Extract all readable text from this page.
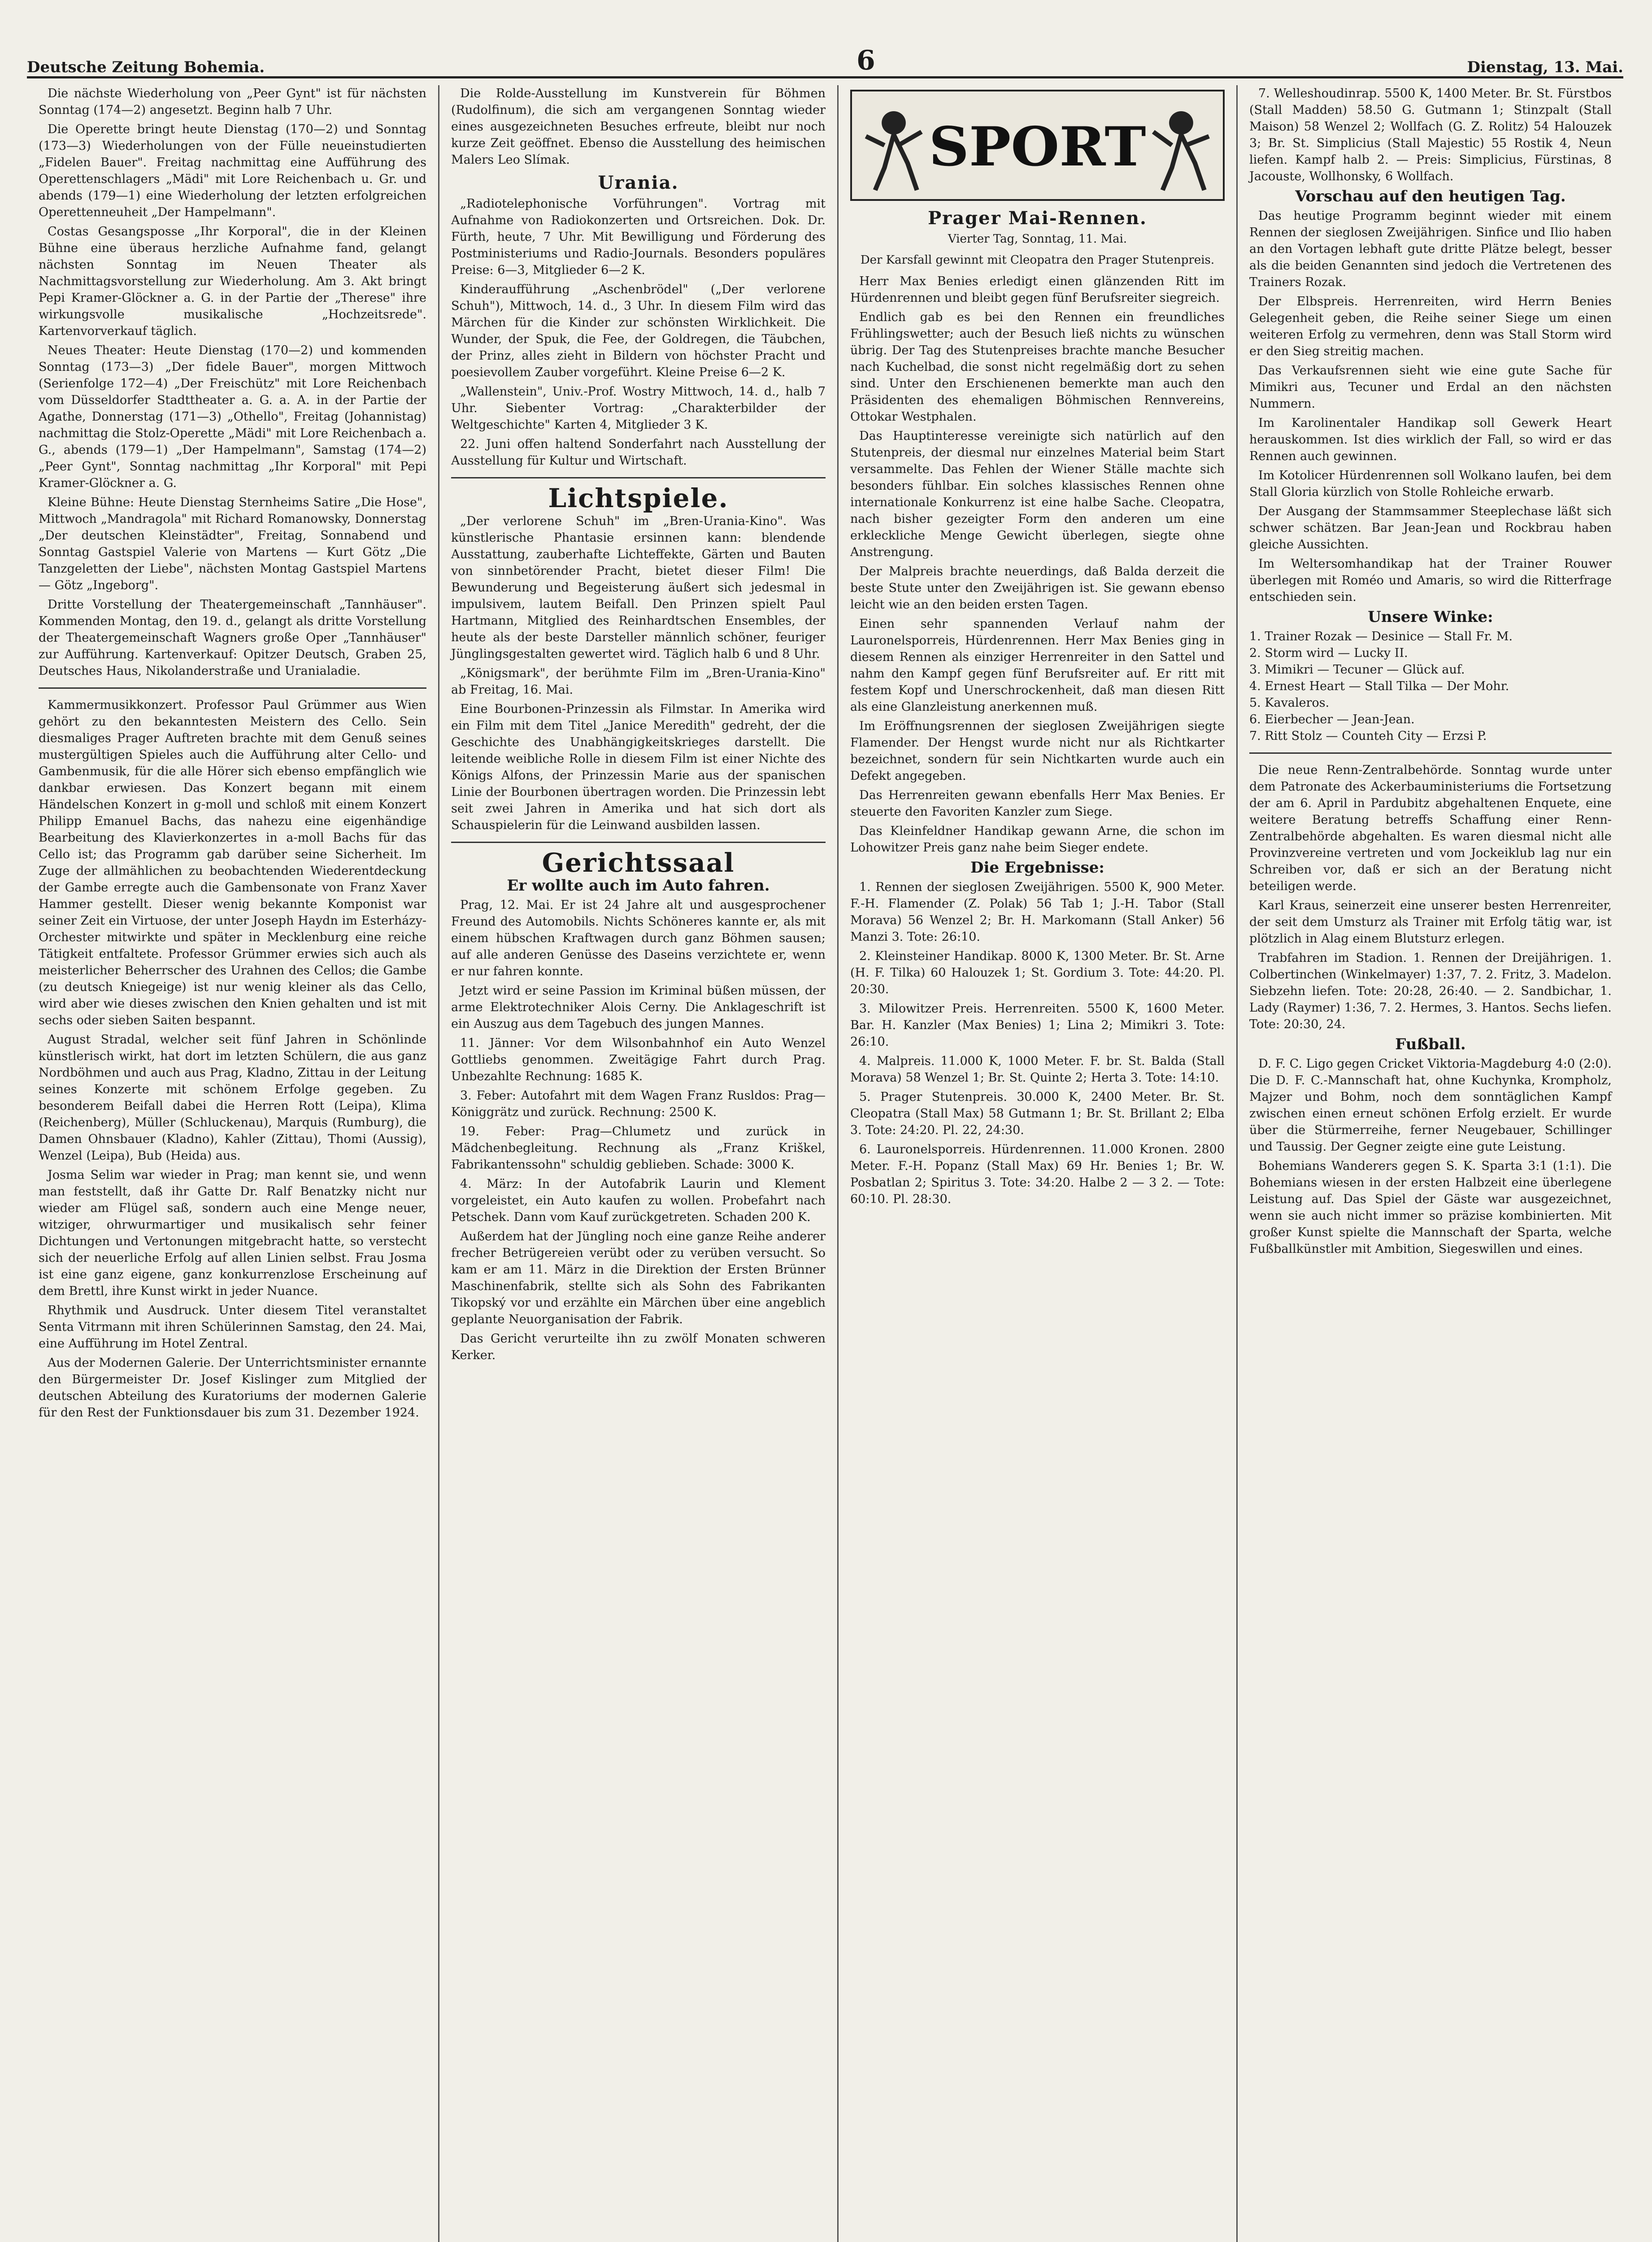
Deutsche Zeitung Bohemia.	6	Dienstag, 13. Mai.

Die nächste Wiederholung von „Peer Gynt" ist für nächsten Sonntag (174—2) angesetzt. Beginn halb 7 Uhr.

Die Operette bringt heute Dienstag (170—2) und Sonntag (173—3) Wiederholungen von der Fülle neueinstudierten „Fidelen Bauer". Freitag nachmittag eine Aufführung des Operettenschlagers „Mädi" mit Lore Reichenbach u. Gr. und abends (179—1) eine Wiederholung der letzten erfolgreichen Operettenneuheit „Der Hampelmann".

Costas Gesangsposse „Ihr Korporal", die in der Kleinen Bühne eine überaus herzliche Aufnahme fand, gelangt nächsten Sonntag im Neuen Theater als Nachmittagsvorstellung zur Wiederholung. Am 3. Akt bringt Pepi Kramer-Glöckner a. G. in der Partie der „Therese" ihre wirkungsvolle musikalische „Hochzeitsrede". Kartenvorverkauf täglich.

Neues Theater: Heute Dienstag (170—2) und kommenden Sonntag (173—3) „Der fidele Bauer", morgen Mittwoch (Serienfolge 172—4) „Der Freischütz" mit Lore Reichenbach vom Düsseldorfer Stadttheater a. G. a. A. in der Partie der Agathe, Donnerstag (171—3) „Othello", Freitag (Johannistag) nachmittag die Stolz-Operette „Mädi" mit Lore Reichenbach a. G., abends (179—1) „Der Hampelmann", Samstag (174—2) „Peer Gynt", Sonntag nachmittag „Ihr Korporal" mit Pepi Kramer-Glöckner a. G.

Kleine Bühne: Heute Dienstag Sternheims Satire „Die Hose", Mittwoch „Mandragola" mit Richard Romanowsky, Donnerstag „Der deutschen Kleinstädter", Freitag, Sonnabend und Sonntag Gastspiel Valerie von Martens — Kurt Götz „Die Tanzgeletten der Liebe", nächsten Montag Gastspiel Martens — Götz „Ingeborg".

Dritte Vorstellung der Theatergemeinschaft „Tannhäuser". Kommenden Montag, den 19. d., gelangt als dritte Vorstellung der Theatergemeinschaft Wagners große Oper „Tannhäuser" zur Aufführung. Kartenverkauf: Opitzer Deutsch, Graben 25, Deutsches Haus, Nikolanderstraße und Uranialadie.

Kammermusikkonzert. Professor Paul Grümmer aus Wien gehört zu den bekanntesten Meistern des Cello. Sein diesmaliges Prager Auftreten brachte mit dem Genuß seines mustergültigen Spieles auch die Aufführung alter Cello- und Gambenmusik, für die alle Hörer sich ebenso empfänglich wie dankbar erwiesen. Das Konzert begann mit einem Händelschen Konzert in g-moll und schloß mit einem Konzert Philipp Emanuel Bachs, das nahezu eine eigenhändige Bearbeitung des Klavierkonzertes in a-moll Bachs für das Cello ist; das Programm gab darüber seine Sicherheit. Im Zuge der allmählichen zu beobachtenden Wiederentdeckung der Gambe erregte auch die Gambensonate von Franz Xaver Hammer gestellt. Dieser wenig bekannte Komponist war seiner Zeit ein Virtuose, der unter Joseph Haydn im Esterházy-Orchester mitwirkte und später in Mecklenburg eine reiche Tätigkeit entfaltete. Professor Grümmer erwies sich auch als meisterlicher Beherrscher des Urahnen des Cellos; die Gambe (zu deutsch Kniegeige) ist nur wenig kleiner als das Cello, wird aber wie dieses zwischen den Knien gehalten und ist mit sechs oder sieben Saiten bespannt.

August Stradal, welcher seit fünf Jahren in Schönlinde künstlerisch wirkt, hat dort im letzten Schülern, die aus ganz Nordböhmen und auch aus Prag, Kladno, Zittau in der Leitung seines Konzerte mit schönem Erfolge gegeben. Zu besonderem Beifall dabei die Herren Rott (Leipa), Klima (Reichenberg), Müller (Schluckenau), Marquis (Rumburg), die Damen Ohnsbauer (Kladno), Kahler (Zittau), Thomi (Aussig), Wenzel (Leipa), Bub (Heida) aus.

Josma Selim war wieder in Prag; man kennt sie, und wenn man feststellt, daß ihr Gatte Dr. Ralf Benatzky nicht nur wieder am Flügel saß, sondern auch eine Menge neuer, witziger, ohrwurmartiger und musikalisch sehr feiner Dichtungen und Vertonungen mitgebracht hatte, so verstecht sich der neuerliche Erfolg auf allen Linien selbst. Frau Josma ist eine ganz eigene, ganz konkurrenzlose Erscheinung auf dem Brettl, ihre Kunst wirkt in jeder Nuance.

Rhythmik und Ausdruck. Unter diesem Titel veranstaltet Senta Vitrmann mit ihren Schülerinnen Samstag, den 24. Mai, eine Aufführung im Hotel Zentral.

Aus der Modernen Galerie. Der Unterrichtsminister ernannte den Bürgermeister Dr. Josef Kislinger zum Mitglied der deutschen Abteilung des Kuratoriums der modernen Galerie für den Rest der Funktionsdauer bis zum 31. Dezember 1924.

Die Rolde-Ausstellung im Kunstverein für Böhmen (Rudolfinum), die sich am vergangenen Sonntag wieder eines ausgezeichneten Besuches erfreute, bleibt nur noch kurze Zeit geöffnet. Ebenso die Ausstellung des heimischen Malers Leo Slímak.

Urania.

„Radiotelephonische Vorführungen". Vortrag mit Aufnahme von Radiokonzerten und Ortsreichen. Dok. Dr. Fürth, heute, 7 Uhr. Mit Bewilligung und Förderung des Postministeriums und Radio-Journals. Besonders populäres Preise: 6—3, Mitglieder 6—2 K.

Kinderaufführung „Aschenbrödel" („Der verlorene Schuh"), Mittwoch, 14. d., 3 Uhr. In diesem Film wird das Märchen für die Kinder zur schönsten Wirklichkeit. Die Wunder, der Spuk, die Fee, der Goldregen, die Täubchen, der Prinz, alles zieht in Bildern von höchster Pracht und poesievollem Zauber vorgeführt. Kleine Preise 6—2 K.

„Wallenstein", Univ.-Prof. Wostry Mittwoch, 14. d., halb 7 Uhr. Siebenter Vortrag: „Charakterbilder der Weltgeschichte" Karten 4, Mitglieder 3 K.

22. Juni offen haltend Sonderfahrt nach Ausstellung der Ausstellung für Kultur und Wirtschaft.

Lichtspiele.

„Der verlorene Schuh" im „Bren-Urania-Kino". Was künstlerische Phantasie ersinnen kann: blendende Ausstattung, zauberhafte Lichteffekte, Gärten und Bauten von sinnbetörender Pracht, bietet dieser Film! Die Bewunderung und Begeisterung äußert sich jedesmal in impulsivem, lautem Beifall. Den Prinzen spielt Paul Hartmann, Mitglied des Reinhardtschen Ensembles, der heute als der beste Darsteller männlich schöner, feuriger Jünglingsgestalten gewertet wird. Täglich halb 6 und 8 Uhr.

„Königsmark", der berühmte Film im „Bren-Urania-Kino" ab Freitag, 16. Mai.

Eine Bourbonen-Prinzessin als Filmstar. In Amerika wird ein Film mit dem Titel „Janice Meredith" gedreht, der die Geschichte des Unabhängigkeitskrieges darstellt. Die leitende weibliche Rolle in diesem Film ist einer Nichte des Königs Alfons, der Prinzessin Marie aus der spanischen Linie der Bourbonen übertragen worden. Die Prinzessin lebt seit zwei Jahren in Amerika und hat sich dort als Schauspielerin für die Leinwand ausbilden lassen.

Gerichtssaal
Er wollte auch im Auto fahren.

Prag, 12. Mai. Er ist 24 Jahre alt und ausgesprochener Freund des Automobils. Nichts Schöneres kannte er, als mit einem hübschen Kraftwagen durch ganz Böhmen sausen; auf alle anderen Genüsse des Daseins verzichtete er, wenn er nur fahren konnte.

Jetzt wird er seine Passion im Kriminal büßen müssen, der arme Elektrotechniker Alois Cerny. Die Anklageschrift ist ein Auszug aus dem Tagebuch des jungen Mannes.

11. Jänner: Vor dem Wilsonbahnhof ein Auto Wenzel Gottliebs genommen. Zweitägige Fahrt durch Prag. Unbezahlte Rechnung: 1685 K.

3. Feber: Autofahrt mit dem Wagen Franz Rusldos: Prag—Königgrätz und zurück. Rechnung: 2500 K.

19. Feber: Prag—Chlumetz und zurück in Mädchenbegleitung. Rechnung als „Franz Kriškel, Fabrikantenssohn" schuldig geblieben. Schade: 3000 K.

4. März: In der Autofabrik Laurin und Klement vorgeleistet, ein Auto kaufen zu wollen. Probefahrt nach Petschek. Dann vom Kauf zurückgetreten. Schaden 200 K.

Außerdem hat der Jüngling noch eine ganze Reihe anderer frecher Betrügereien verübt oder zu verüben versucht. So kam er am 11. März in die Direktion der Ersten Brünner Maschinenfabrik, stellte sich als Sohn des Fabrikanten Tikopský vor und erzählte ein Märchen über eine angeblich geplante Neuorganisation der Fabrik.

Das Gericht verurteilte ihn zu zwölf Monaten schweren Kerker.

SPORT
Prager Mai-Rennen.
Vierter Tag, Sonntag, 11. Mai.
Der Karsfall gewinnt mit Cleopatra den Prager Stutenpreis.

Herr Max Benies erledigt einen glänzenden Ritt im Hürdenrennen und bleibt gegen fünf Berufsreiter siegreich.

Endlich gab es bei den Rennen ein freundliches Frühlingswetter; auch der Besuch ließ nichts zu wünschen übrig. Der Tag des Stutenpreises brachte manche Besucher nach Kuchelbad, die sonst nicht regelmäßig dort zu sehen sind. Unter den Erschienenen bemerkte man auch den Präsidenten des ehemaligen Böhmischen Rennvereins, Ottokar Westphalen.

Das Hauptinteresse vereinigte sich natürlich auf den Stutenpreis, der diesmal nur einzelnes Material beim Start versammelte. Das Fehlen der Wiener Ställe machte sich besonders fühlbar. Ein solches klassisches Rennen ohne internationale Konkurrenz ist eine halbe Sache. Cleopatra, nach bisher gezeigter Form den anderen um eine erkleckliche Menge Gewicht überlegen, siegte ohne Anstrengung.

Der Malpreis brachte neuerdings, daß Balda derzeit die beste Stute unter den Zweijährigen ist. Sie gewann ebenso leicht wie an den beiden ersten Tagen.

Einen sehr spannenden Verlauf nahm der Lauronelsporreis, Hürdenrennen. Herr Max Benies ging in diesem Rennen als einziger Herrenreiter in den Sattel und nahm den Kampf gegen fünf Berufsreiter auf. Er ritt mit festem Kopf und Unerschrockenheit, daß man diesen Ritt als eine Glanzleistung anerkennen muß.

Im Eröffnungsrennen der sieglosen Zweijährigen siegte Flamender. Der Hengst wurde nicht nur als Richtkarter bezeichnet, sondern für sein Nichtkarten wurde auch ein Defekt angegeben.

Das Herrenreiten gewann ebenfalls Herr Max Benies. Er steuerte den Favoriten Kanzler zum Siege.

Das Kleinfeldner Handikap gewann Arne, die schon im Lohowitzer Preis ganz nahe beim Sieger endete.

Die Ergebnisse:

1. Rennen der sieglosen Zweijährigen. 5500 K, 900 Meter. F.-H. Flamender (Z. Polak) 56 Tab 1; J.-H. Tabor (Stall Morava) 56 Wenzel 2; Br. H. Markomann (Stall Anker) 56 Manzi 3. Tote: 26:10.

2. Kleinsteiner Handikap. 8000 K, 1300 Meter. Br. St. Arne (H. F. Tilka) 60 Halouzek 1; St. Gordium 3. Tote: 44:20. Pl. 20:30.

3. Milowitzer Preis. Herrenreiten. 5500 K, 1600 Meter. Bar. H. Kanzler (Max Benies) 1; Lina 2; Mimikri 3. Tote: 26:10.

4. Malpreis. 11.000 K, 1000 Meter. F. br. St. Balda (Stall Morava) 58 Wenzel 1; Br. St. Quinte 2; Herta 3. Tote: 14:10.

5. Prager Stutenpreis. 30.000 K, 2400 Meter. Br. St. Cleopatra (Stall Max) 58 Gutmann 1; Br. St. Brillant 2; Elba 3. Tote: 24:20. Pl. 22, 24:30.

6. Lauronelsporreis. Hürdenrennen. 11.000 Kronen. 2800 Meter. F.-H. Popanz (Stall Max) 69 Hr. Benies 1; Br. W. Posbatlan 2; Spiritus 3. Tote: 34:20. Halbe 2 — 3 2. — Tote: 60:10. Pl. 28:30.

7. Welleshoudinrap. 5500 K, 1400 Meter. Br. St. Fürstbos (Stall Madden) 58.50 G. Gutmann 1; Stinzpalt (Stall Maison) 58 Wenzel 2; Wollfach (G. Z. Rolitz) 54 Halouzek 3; Br. St. Simplicius (Stall Majestic) 55 Rostik 4, Neun liefen. Kampf halb 2. — Preis: Simplicius, Fürstinas, 8 Jacouste, Wollhonsky, 6 Wollfach.

Vorschau auf den heutigen Tag.

Das heutige Programm beginnt wieder mit einem Rennen der sieglosen Zweijährigen. Sinfice und Ilio haben an den Vortagen lebhaft gute dritte Plätze belegt, besser als die beiden Genannten sind jedoch die Vertretenen des Trainers Rozak.

Der Elbspreis. Herrenreiten, wird Herrn Benies Gelegenheit geben, die Reihe seiner Siege um einen weiteren Erfolg zu vermehren, denn was Stall Storm wird er den Sieg streitig machen.

Das Verkaufsrennen sieht wie eine gute Sache für Mimikri aus, Tecuner und Erdal an den nächsten Nummern.

Im Karolinentaler Handikap soll Gewerk Heart herauskommen. Ist dies wirklich der Fall, so wird er das Rennen auch gewinnen.

Im Kotolicer Hürdenrennen soll Wolkano laufen, bei dem Stall Gloria kürzlich von Stolle Rohleiche erwarb.

Der Ausgang der Stammsammer Steeplechase läßt sich schwer schätzen. Bar Jean-Jean und Rockbrau haben gleiche Aussichten.

Im Weltersomhandikap hat der Trainer Rouwer überlegen mit Roméo und Amaris, so wird die Ritterfrage entschieden sein.

Unsere Winke:

1. Trainer Rozak — Desinice — Stall Fr. M.

2. Storm wird — Lucky II.

3. Mimikri — Tecuner — Glück auf.

4. Ernest Heart — Stall Tilka — Der Mohr.

5. Kavaleros.

6. Eierbecher — Jean-Jean.

7. Ritt Stolz — Counteh City — Erzsi P.

Die neue Renn-Zentralbehörde. Sonntag wurde unter dem Patronate des Ackerbauministeriums die Fortsetzung der am 6. April in Pardubitz abgehaltenen Enquete, eine weitere Beratung betreffs Schaffung einer Renn-Zentralbehörde abgehalten. Es waren diesmal nicht alle Provinzvereine vertreten und vom Jockeiklub lag nur ein Schreiben vor, daß er sich an der Beratung nicht beteiligen werde.

Karl Kraus, seinerzeit eine unserer besten Herrenreiter, der seit dem Umsturz als Trainer mit Erfolg tätig war, ist plötzlich in Alag einem Blutsturz erlegen.

Trabfahren im Stadion. 1. Rennen der Dreijährigen. 1. Colbertinchen (Winkelmayer) 1:37, 7. 2. Fritz, 3. Madelon. Siebzehn liefen. Tote: 20:28, 26:40. — 2. Sandbichar, 1. Lady (Raymer) 1:36, 7. 2. Hermes, 3. Hantos. Sechs liefen. Tote: 20:30, 24.

Fußball.

D. F. C. Ligo gegen Cricket Viktoria-Magdeburg 4:0 (2:0). Die D. F. C.-Mannschaft hat, ohne Kuchynka, Krompholz, Majzer und Bohm, noch dem sonntäglichen Kampf zwischen einen erneut schönen Erfolg erzielt. Er wurde über die Stürmerreihe, ferner Neugebauer, Schillinger und Taussig. Der Gegner zeigte eine gute Leistung.

Bohemians Wanderers gegen S. K. Sparta 3:1 (1:1). Die Bohemians wiesen in der ersten Halbzeit eine überlegene Leistung auf. Das Spiel der Gäste war ausgezeichnet, wenn sie auch nicht immer so präzise kombinierten. Mit großer Kunst spielte die Mannschaft der Sparta, welche Fußballkünstler mit Ambition, Siegeswillen und eines.
